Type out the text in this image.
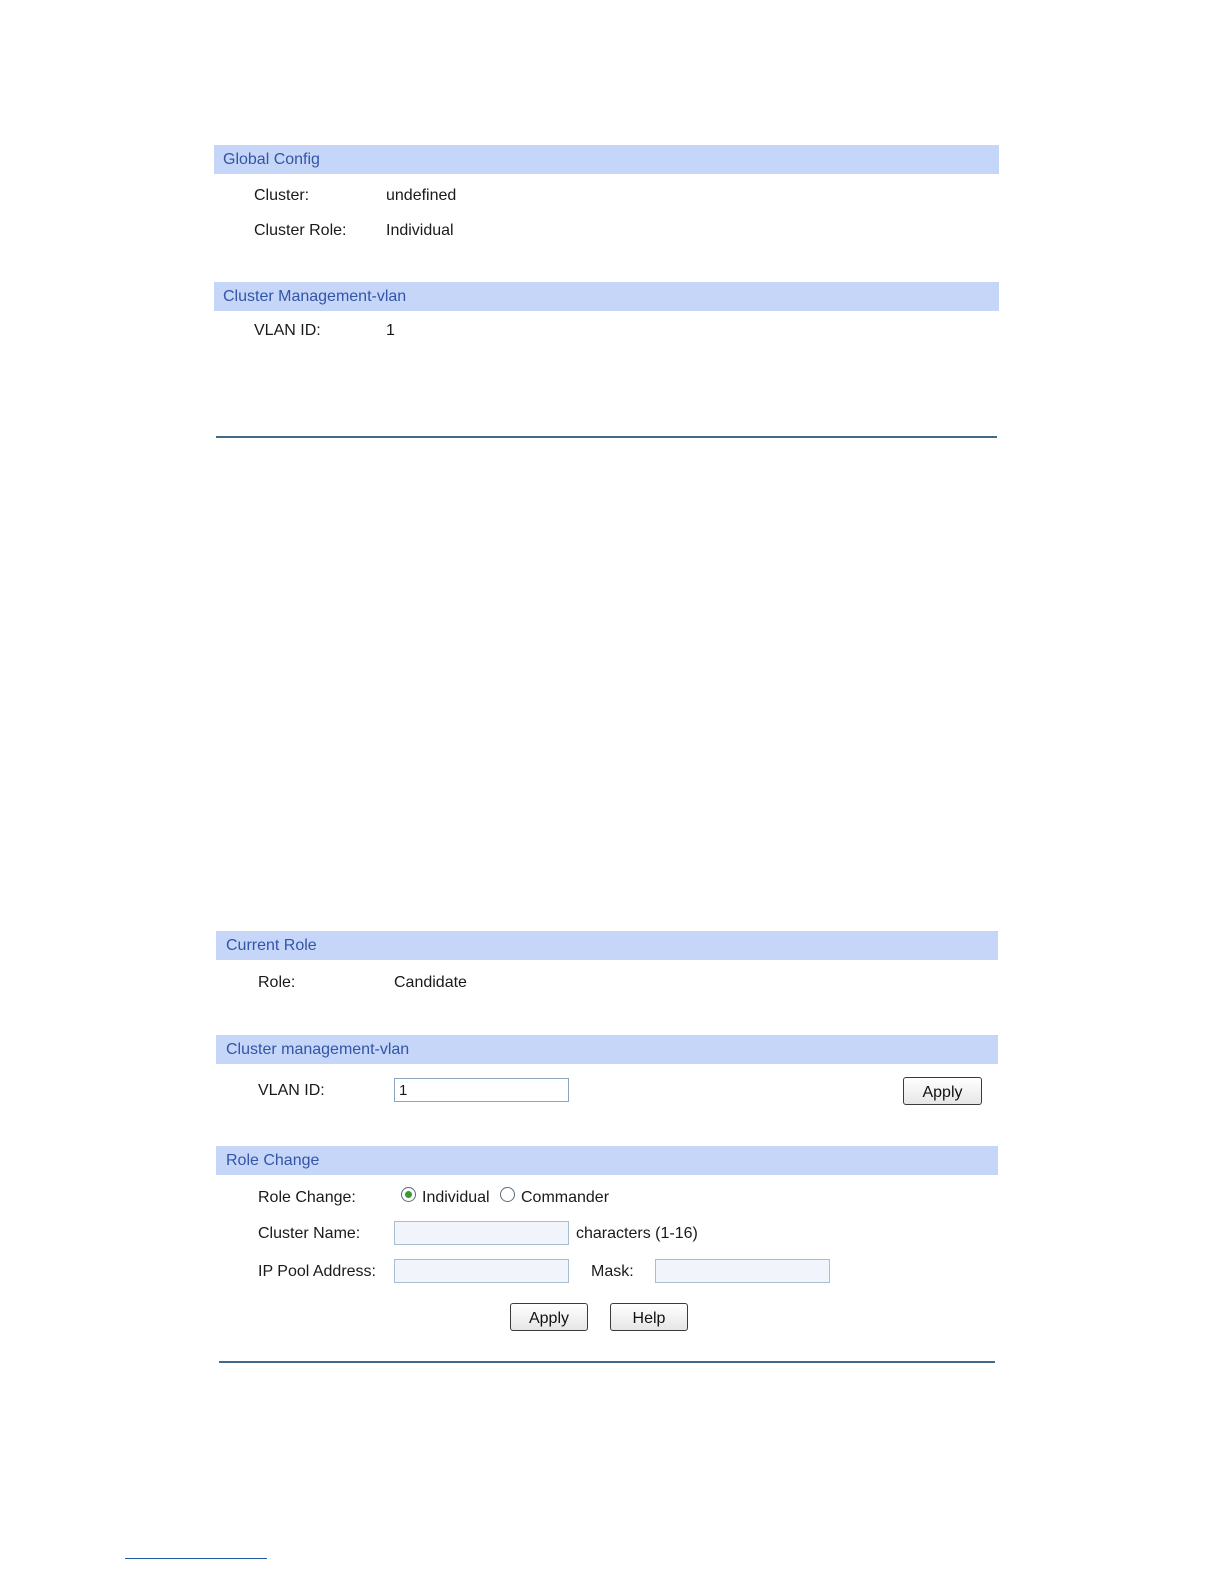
Global Config
Cluster:	undefined
Cluster Role: Individual
Cluster Management-vlan
VLAN ID:	1
Current Role
Role:	Candidate
Cluster management-vlan
VLAN ID:
1	Apply
Role Change
Role Change:	Individual Commander
Cluster Name:	characters (1-16)
IP Pool Address:	Mask:
Apply	Help
